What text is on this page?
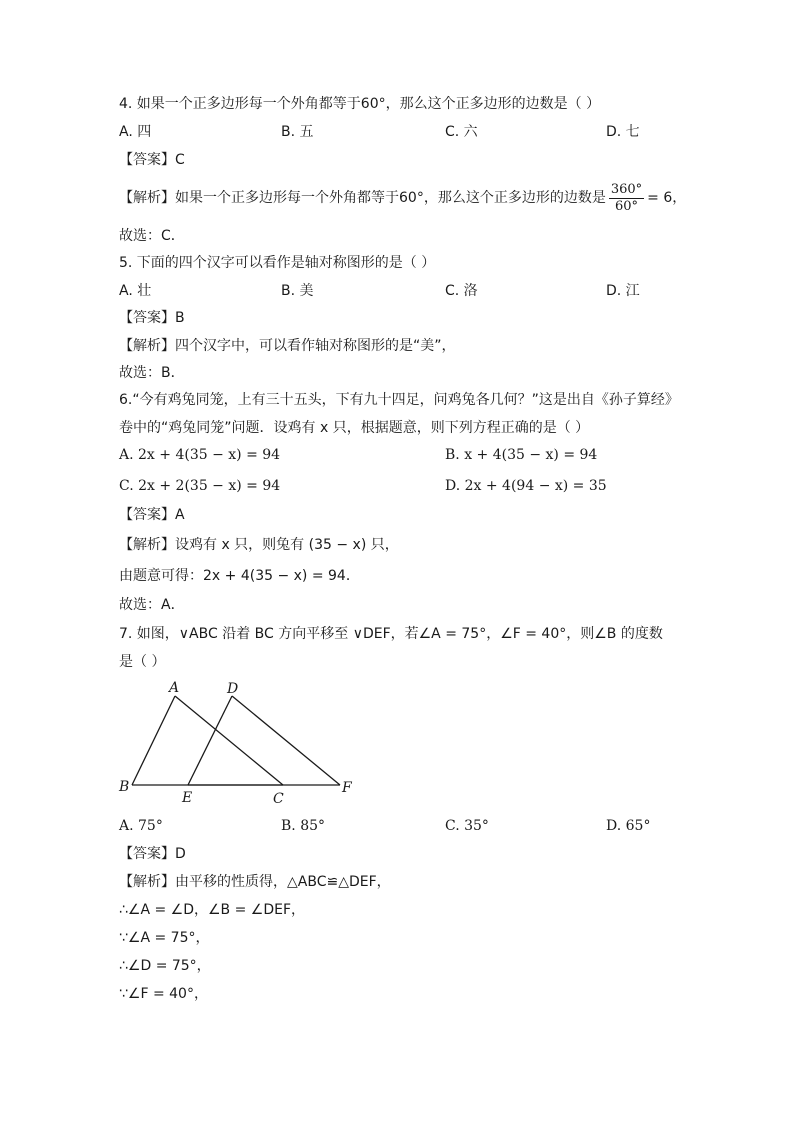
4. 如果一个正多边形每一个外角都等于60°，那么这个正多边形的边数是（ ）
A. 四	B. 五	C. 六	D. 七
【答案】C
【解析】如果一个正多边形每一个外角都等于60°，那么这个正多边形的边数是 $\frac{360^\circ}{60^\circ} = 6$，
故选：C．
5. 下面的四个汉字可以看作是轴对称图形的是（ ）
A. 壮	B. 美	C. 洛	D. 江
【答案】B
【解析】四个汉字中，可以看作轴对称图形的是“美”，
故选：B．
6.“今有鸡兔同笼，上有三十五头，下有九十四足，问鸡兔各几何？”这是出自《孙子算经》
卷中的“鸡兔同笼”问题．设鸡有 x 只，根据题意，则下列方程正确的是（ ）
A. 2x + 4(35 − x) = 94	B. x + 4(35 − x) = 94
C. 2x + 2(35 − x) = 94	D. 2x + 4(94 − x) = 35
【答案】A
【解析】设鸡有 x 只，则兔有 (35 − x) 只，
由题意可得：2x + 4(35 − x) = 94．
故选：A．
7. 如图，∨ABC 沿着 BC 方向平移至 ∨DEF，若∠A = 75°，∠F = 40°，则∠B 的度数
是（ ）
A	D
B
E	C
F
A. 75°	B. 85°	C. 35°	D. 65°
【答案】D
【解析】由平移的性质得，△ABC≌△DEF，
∴∠A = ∠D，∠B = ∠DEF，
∵∠A = 75°，
∴∠D = 75°，
∵∠F = 40°，
